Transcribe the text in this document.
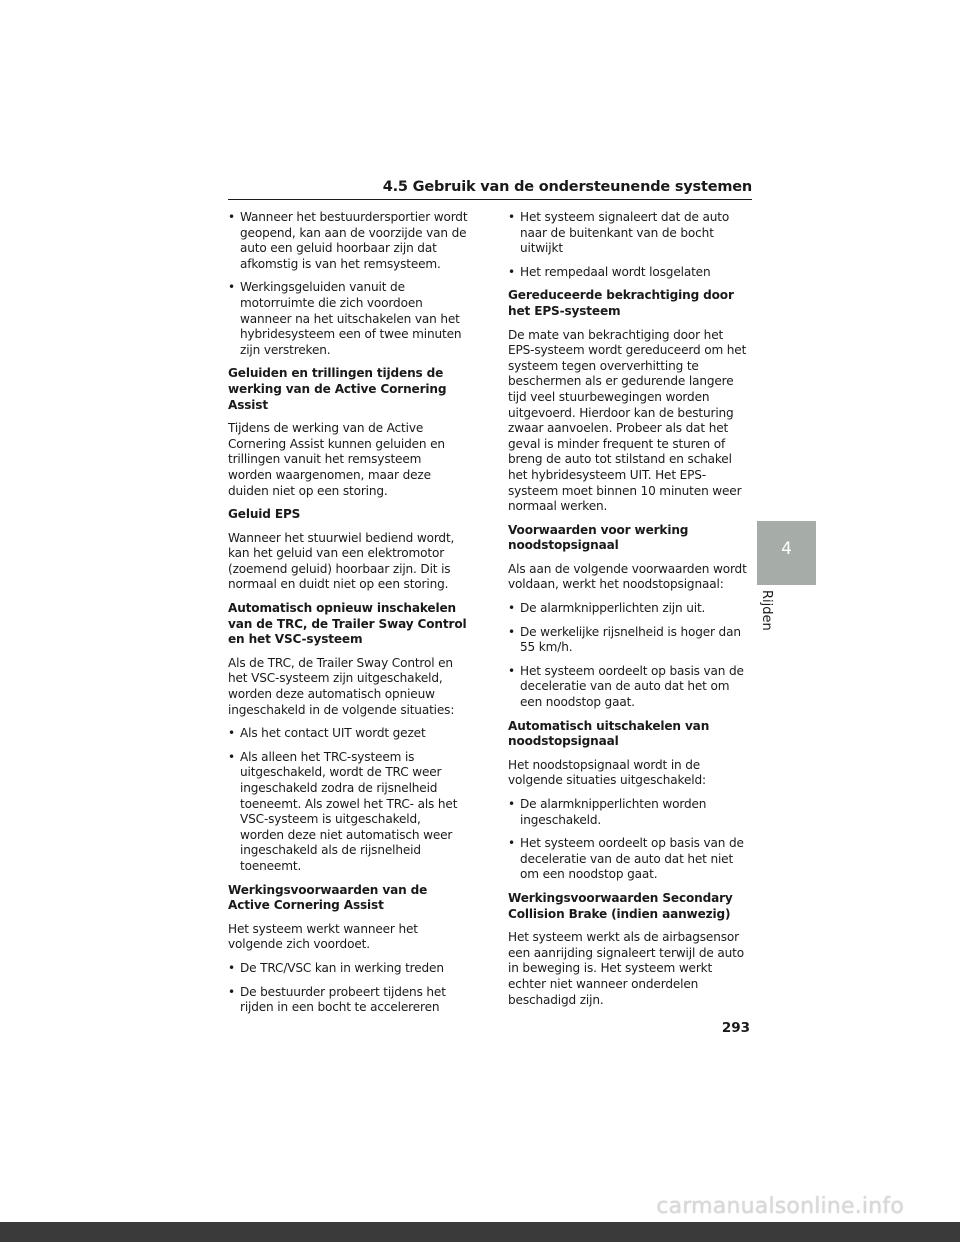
4.5 Gebruik van de ondersteunende systemen
• Wanneer het bestuurdersportier wordt geopend, kan aan de voorzijde van de auto een geluid hoorbaar zijn dat afkomstig is van het remsysteem.
• Werkingsgeluiden vanuit de motorruimte die zich voordoen wanneer na het uitschakelen van het hybridesysteem een of twee minuten zijn verstreken.

Geluiden en trillingen tijdens de werking van de Active Cornering Assist

Tijdens de werking van de Active Cornering Assist kunnen geluiden en trillingen vanuit het remsysteem worden waargenomen, maar deze duiden niet op een storing.

Geluid EPS

Wanneer het stuurwiel bediend wordt, kan het geluid van een elektromotor (zoemend geluid) hoorbaar zijn. Dit is normaal en duidt niet op een storing.

Automatisch opnieuw inschakelen van de TRC, de Trailer Sway Control en het VSC-systeem

Als de TRC, de Trailer Sway Control en het VSC-systeem zijn uitgeschakeld, worden deze automatisch opnieuw ingeschakeld in de volgende situaties:

• Als het contact UIT wordt gezet
• Als alleen het TRC-systeem is uitgeschakeld, wordt de TRC weer ingeschakeld zodra de rijsnelheid toeneemt. Als zowel het TRC- als het VSC-systeem is uitgeschakeld, worden deze niet automatisch weer ingeschakeld als de rijsnelheid toeneemt.

Werkingsvoorwaarden van de Active Cornering Assist

Het systeem werkt wanneer het volgende zich voordoet.

• De TRC/VSC kan in werking treden
• De bestuurder probeert tijdens het rijden in een bocht te accelereren
• Het systeem signaleert dat de auto naar de buitenkant van de bocht uitwijkt
• Het rempedaal wordt losgelaten

Gereduceerde bekrachtiging door het EPS-systeem

De mate van bekrachtiging door het EPS-systeem wordt gereduceerd om het systeem tegen oververhitting te beschermen als er gedurende langere tijd veel stuurbewegingen worden uitgevoerd. Hierdoor kan de besturing zwaar aanvoelen. Probeer als dat het geval is minder frequent te sturen of breng de auto tot stilstand en schakel het hybridesysteem UIT. Het EPS-systeem moet binnen 10 minuten weer normaal werken.

Voorwaarden voor werking noodstopsignaal

Als aan de volgende voorwaarden wordt voldaan, werkt het noodstopsignaal:

• De alarmknipperlichten zijn uit.
• De werkelijke rijsnelheid is hoger dan 55 km/h.
• Het systeem oordeelt op basis van de deceleratie van de auto dat het om een noodstop gaat.

Automatisch uitschakelen van noodstopsignaal

Het noodstopsignaal wordt in de volgende situaties uitgeschakeld:

• De alarmknipperlichten worden ingeschakeld.
• Het systeem oordeelt op basis van de deceleratie van de auto dat het niet om een noodstop gaat.

Werkingsvoorwaarden Secondary Collision Brake (indien aanwezig)

Het systeem werkt als de airbagsensor een aanrijding signaleert terwijl de auto in beweging is. Het systeem werkt echter niet wanneer onderdelen beschadigd zijn.

4
Rijden
293
carmanualsonline.info
